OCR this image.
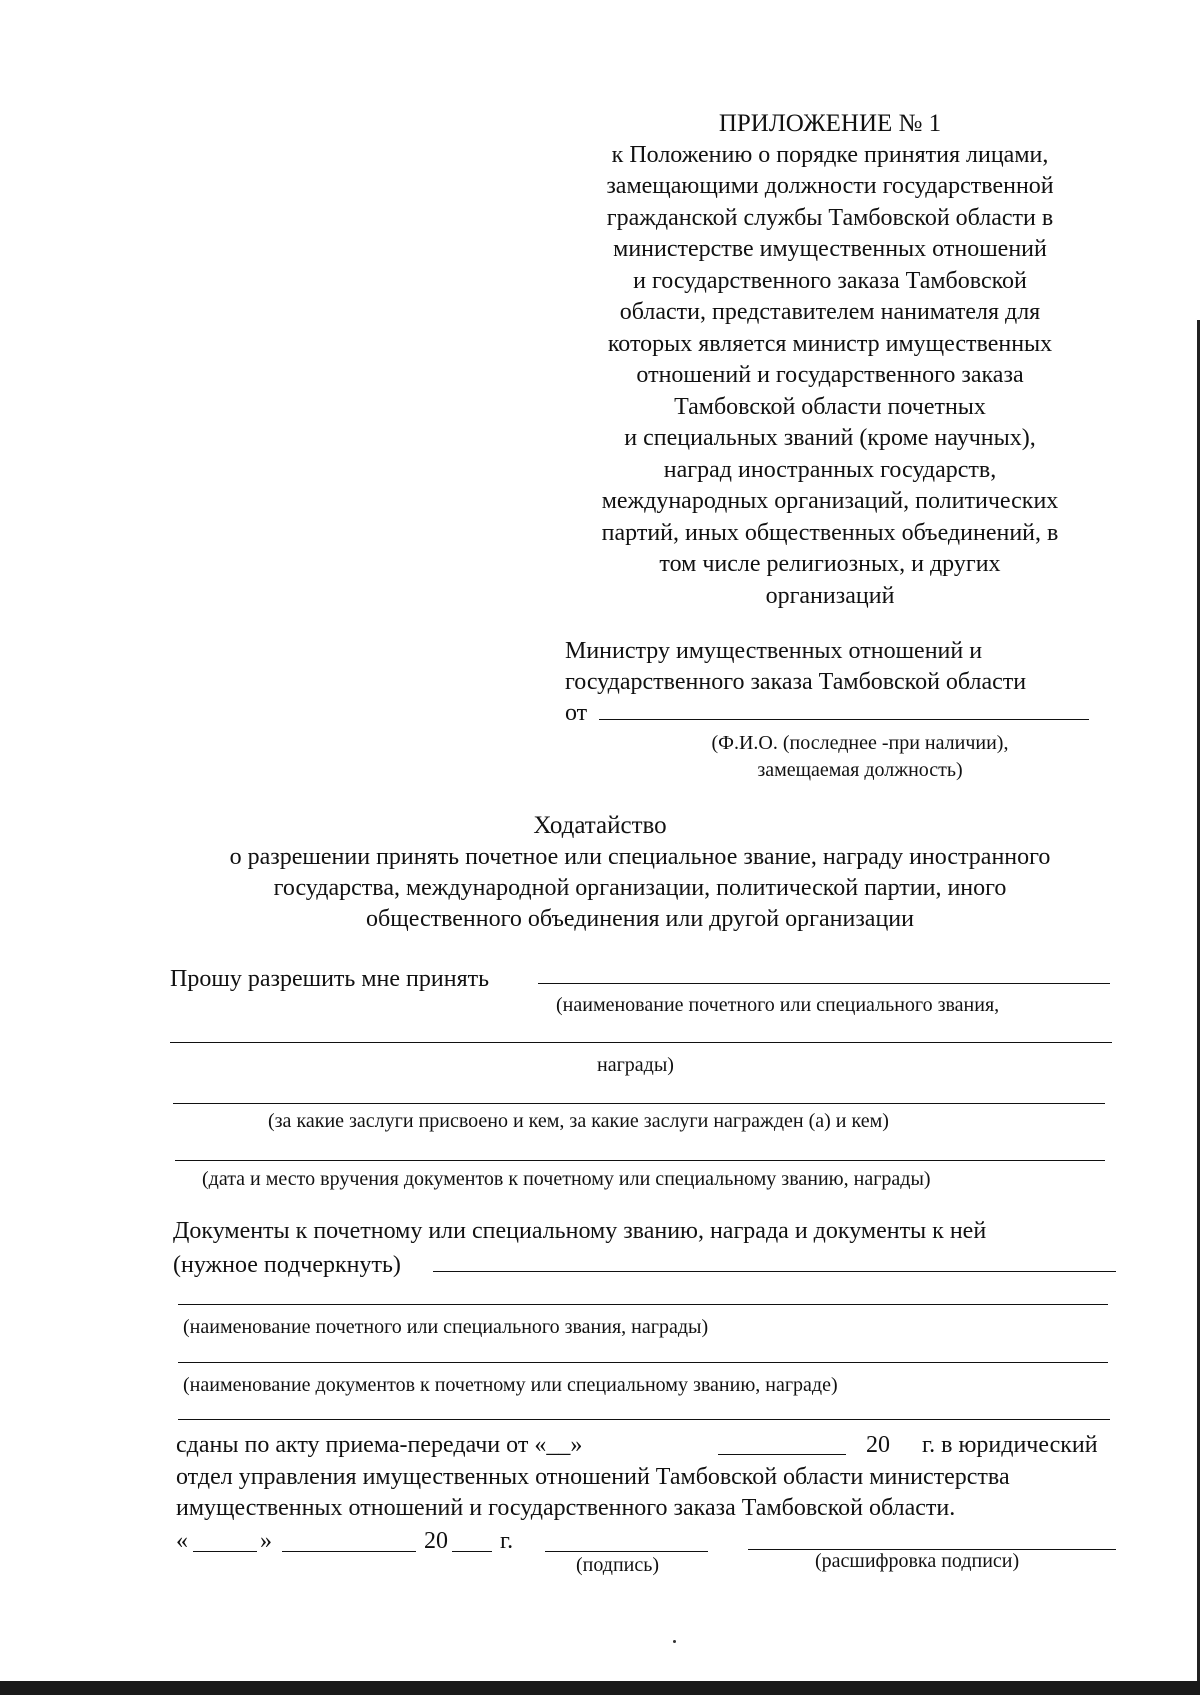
ПРИЛОЖЕНИЕ № 1
к Положению о порядке принятия лицами,
замещающими должности государственной
гражданской службы Тамбовской области в
министерстве имущественных отношений
и государственного заказа Тамбовской
области, представителем нанимателя для
которых является министр имущественных
отношений и государственного заказа
Тамбовской области почетных
и специальных званий (кроме научных),
наград иностранных государств,
международных организаций, политических
партий, иных общественных объединений, в
том числе религиозных, и других
организаций
Министру имущественных отношений и
государственного заказа Тамбовской области
от
(Ф.И.О. (последнее -при наличии),
замещаемая должность)
Ходатайство
о разрешении принять почетное или специальное звание, награду иностранного
государства, международной организации, политической партии, иного
общественного объединения или другой организации
Прошу разрешить мне принять
(наименование почетного или специального звания,
награды)
(за какие заслуги присвоено и кем, за какие заслуги награжден (а) и кем)
(дата и место вручения документов к почетному или специальному званию, награды)
Документы к почетному или специальному званию, награда и документы к ней
(нужное подчеркнуть)
(наименование почетного или специального звания, награды)
(наименование документов к почетному или специальному званию, награде)
сданы по акту приема-передачи от «__»	20 г. в юридический
отдел управления имущественных отношений Тамбовской области министерства
имущественных отношений и государственного заказа Тамбовской области.
«	»	20 г.
(подпись)	(расшифровка подписи)
